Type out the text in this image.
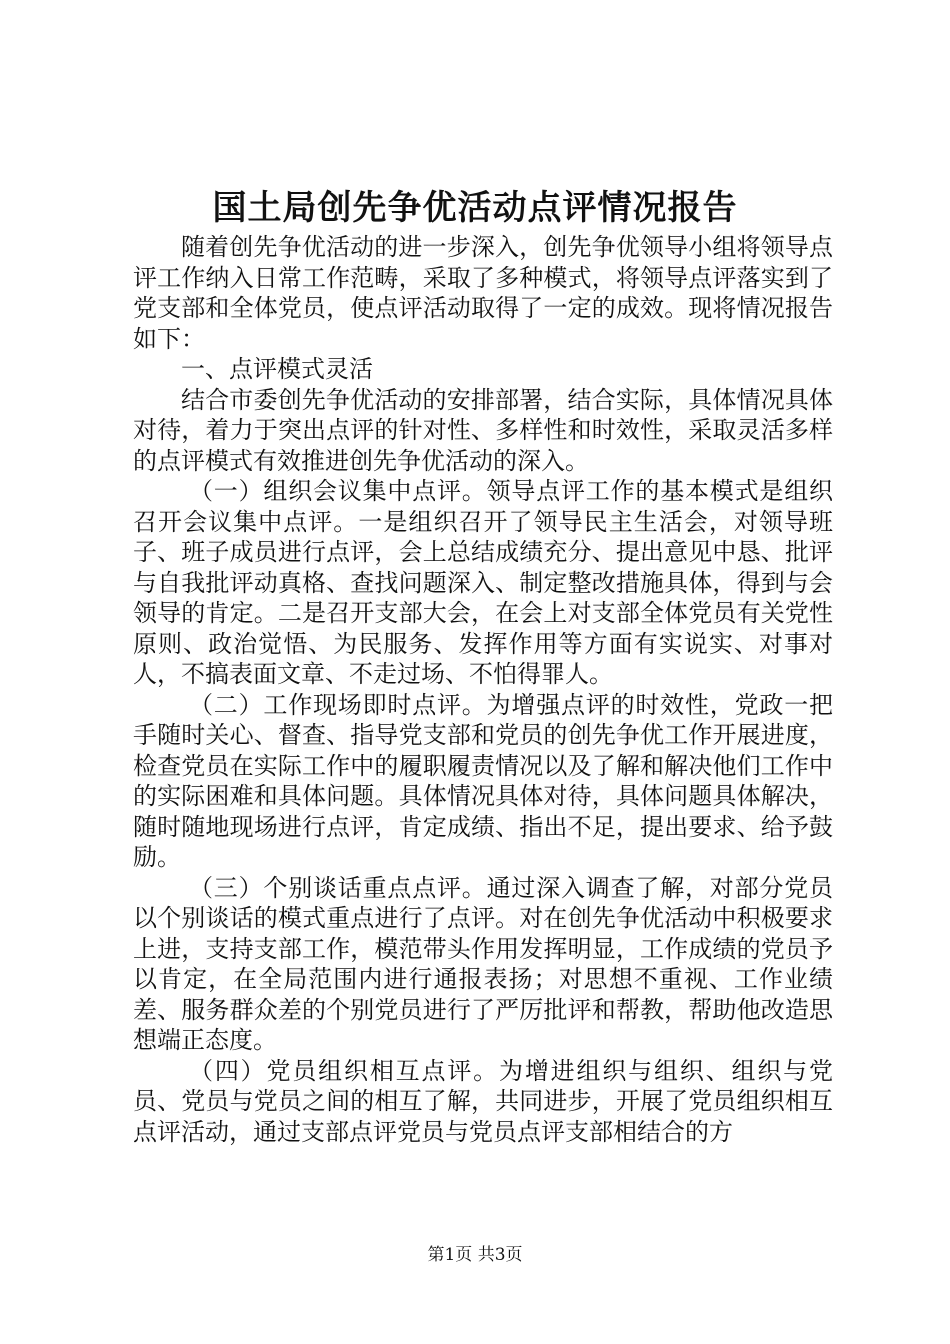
国土局创先争优活动点评情况报告

随着创先争优活动的进一步深入，创先争优领导小组将领导点评工作纳入日常工作范畴，采取了多种模式，将领导点评落实到了党支部和全体党员，使点评活动取得了一定的成效。现将情况报告如下：

一、点评模式灵活

结合市委创先争优活动的安排部署，结合实际，具体情况具体对待，着力于突出点评的针对性、多样性和时效性，采取灵活多样的点评模式有效推进创先争优活动的深入。

（一）组织会议集中点评。领导点评工作的基本模式是组织召开会议集中点评。一是组织召开了领导民主生活会，对领导班子、班子成员进行点评，会上总结成绩充分、提出意见中恳、批评与自我批评动真格、查找问题深入、制定整改措施具体，得到与会领导的肯定。二是召开支部大会，在会上对支部全体党员有关党性原则、政治觉悟、为民服务、发挥作用等方面有实说实、对事对人，不搞表面文章、不走过场、不怕得罪人。

（二）工作现场即时点评。为增强点评的时效性，党政一把手随时关心、督查、指导党支部和党员的创先争优工作开展进度，检查党员在实际工作中的履职履责情况以及了解和解决他们工作中的实际困难和具体问题。具体情况具体对待，具体问题具体解决，随时随地现场进行点评，肯定成绩、指出不足，提出要求、给予鼓励。

（三）个别谈话重点点评。通过深入调查了解，对部分党员以个别谈话的模式重点进行了点评。对在创先争优活动中积极要求上进，支持支部工作，模范带头作用发挥明显，工作成绩的党员予以肯定，在全局范围内进行通报表扬；对思想不重视、工作业绩差、服务群众差的个别党员进行了严厉批评和帮教，帮助他改造思想端正态度。

（四）党员组织相互点评。为增进组织与组织、组织与党员、党员与党员之间的相互了解，共同进步，开展了党员组织相互点评活动，通过支部点评党员与党员点评支部相结合的方

第1页 共3页
